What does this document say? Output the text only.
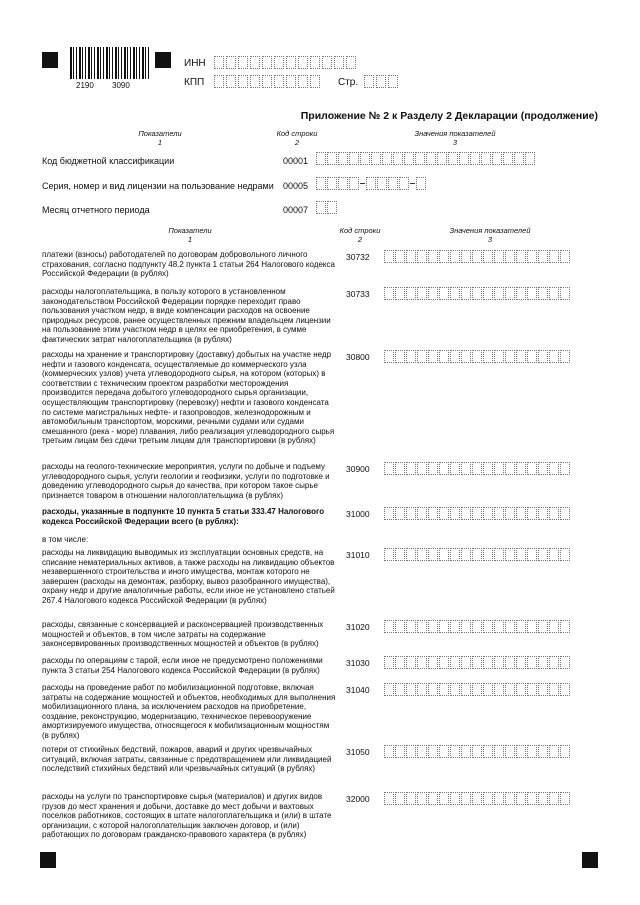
2190 3090
ИНН
КПП	Стр.
Приложение № 2 к Разделу 2 Декларации (продолжение)
Показатели
1
Код строки
2
Значения показателей
3
Код бюджетной классификации	00001
Серия, номер и вид лицензии на пользование недрами 00005
Месяц отчетного периода	00007
Показатели
1
Код строки
2
Значения показателей
3
платежи (взносы) работодателей по договорам добровольного личного страхования, согласно подпункту 48.2 пункта 1 статьи 264 Налогового кодекса Российской Федерации (в рублях)
30732
расходы налогоплательщика, в пользу которого в установленном законодательством Российской Федерации порядке переходит право пользования участком недр, в виде компенсации расходов на освоение природных ресурсов, ранее осуществленных прежним владельцем лицензии на пользование этим участком недр в целях ее приобретения, в сумме фактических затрат налогоплательщика (в рублях)
30733
расходы на хранение и транспортировку (доставку) добытых на участке недр нефти и газового конденсата, осуществляемые до коммерческого узла (коммерческих узлов) учета углеводородного сырья, на котором (которых) в соответствии с техническим проектом разработки месторождения производится передача добытого углеводородного сырья организации, осуществляющим транспортировку (перевозку) нефти и газового конденсата по системе магистральных нефте- и газопроводов, железнодорожным и автомобильным транспортом, морскими, речными судами или судами смешанного (река - море) плавания, либо реализация углеводородного сырья третьим лицам без сдачи третьим лицам для транспортировки (в рублях)
30800
расходы на геолого-технические мероприятия, услуги по добыче и подъему углеводородного сырья, услуги геологии и геофизики, услуги по подготовке и доведению углеводородного сырья до качества, при котором такое сырье признается товаром в отношении налогоплательщика (в рублях)
30900
расходы, указанные в подпункте 10 пункта 5 статьи 333.47 Налогового кодекса Российской Федерации всего (в рублях):
31000
в том числе:
расходы на ликвидацию выводимых из эксплуатации основных средств, на списание нематериальных активов, а также расходы на ликвидацию объектов незавершенного строительства и иного имущества, монтаж которого не завершен (расходы на демонтаж, разборку, вывоз разобранного имущества), охрану недр и другие аналогичные работы, если иное не установлено статьей 267.4 Налогового кодекса Российской Федерации (в рублях)
31010
расходы, связанные с консервацией и расконсервацией производственных мощностей и объектов, в том числе затраты на содержание законсервированных производственных мощностей и объектов (в рублях)
31020
расходы по операциям с тарой, если иное не предусмотрено положениями пункта 3 статьи 254 Налогового кодекса Российской Федерации (в рублях)
31030
расходы на проведение работ по мобилизационной подготовке, включая затраты на содержание мощностей и объектов, необходимых для выполнения мобилизационного плана, за исключением расходов на приобретение, создание, реконструкцию, модернизацию, техническое перевооружение амортизируемого имущества, относящегося к мобилизационным мощностям (в рублях)
31040
потери от стихийных бедствий, пожаров, аварий и других чрезвычайных ситуаций, включая затраты, связанные с предотвращением или ликвидацией последствий стихийных бедствий или чрезвычайных ситуаций (в рублях)
31050
расходы на услуги по транспортировке сырья (материалов) и других видов грузов до мест хранения и добычи, доставке до мест добычи и вахтовых поселков работников, состоящих в штате налогоплательщика и (или) в штате организации, с которой налогоплательщик заключен договор, и (или) работающих по договорам гражданско-правового характера (в рублях)
32000
